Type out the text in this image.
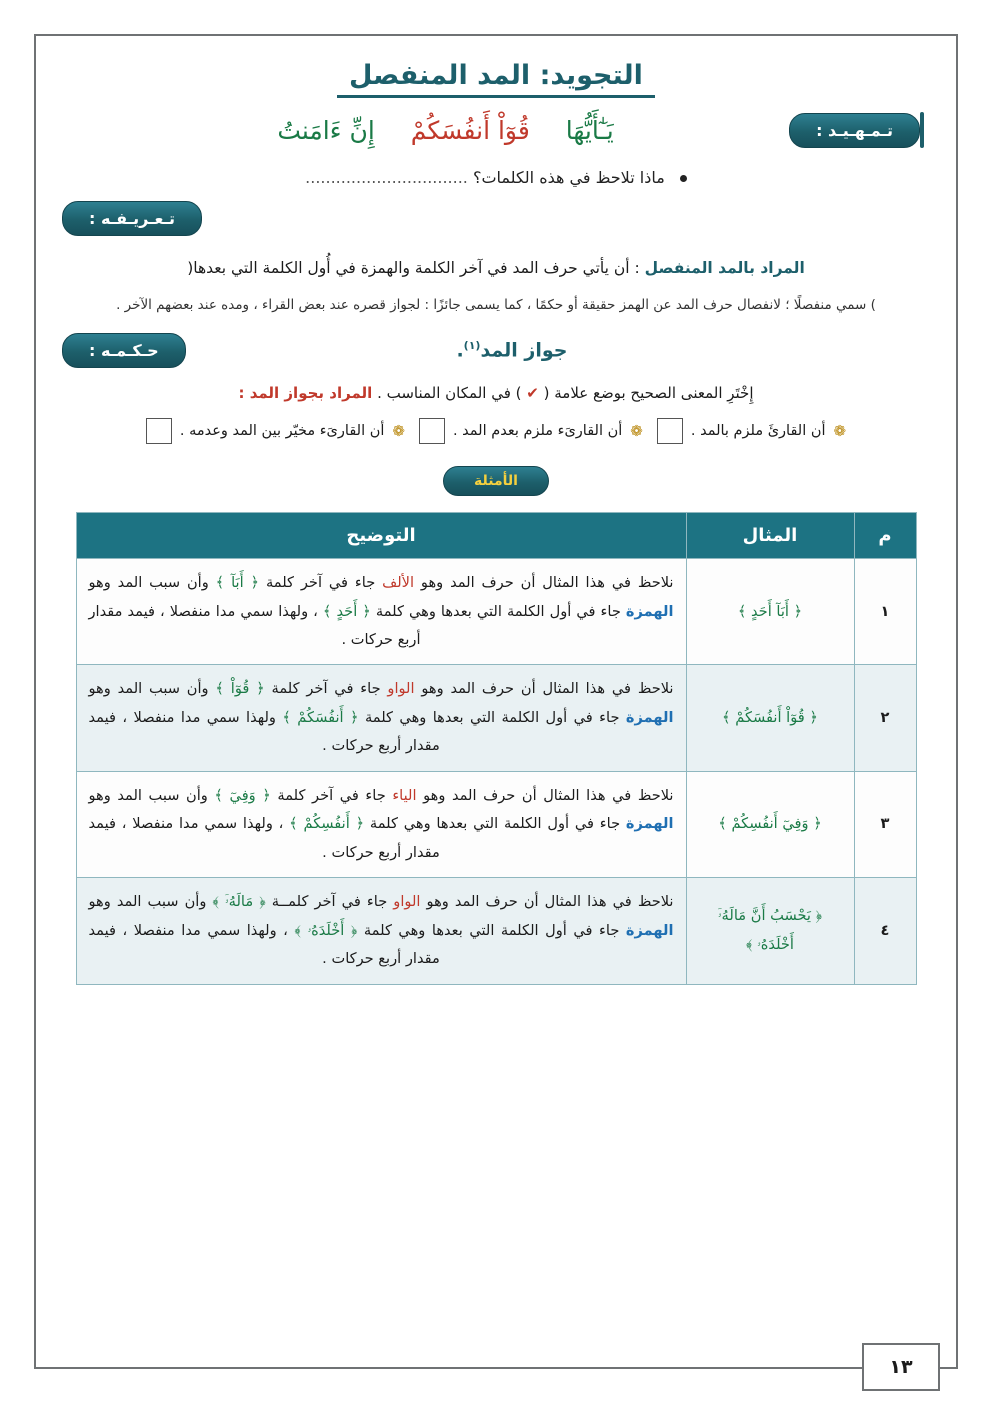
التجويد: المد المنفصل
تـمـهـيـد :
يَـٰٓأَيُّهَا قُوٓاْ أَنفُسَكُمْ إِنِّ ءَامَنتُ
ماذا تلاحظ في هذه الكلمات؟ ................................
تـعـريـفـه :
المراد بالمد المنفصل : أن يأتي حرف المد في آخر الكلمة والهمزة في أُول الكلمة التي بعدها(
) سمي منفصلًا ؛ لانفصال حرف المد عن الهمز حقيقة أو حكمًا ، كما يسمى جائزًا : لجواز قصره عند بعض القراء ، ومده عند بعضهم الآخر .
جواز المد$^{(١)}$.
حـكـمـه :
إِخْتَرِ المعنى الصحيح بوضع علامة ( ✔ ) في المكان المناسب . المراد بجواز المد :
❁
أن القارئَ ملزم بالمد .
❁
أن القارىَء ملزم بعدم المد .
❁
أن القارىَء مخيّر بين المد وعدمه .
الأمثلة
م	المثال	التوضيح
١	﴿ أَبَآ أَحَدٍ ﴾	نلاحظ في هذا المثال أن حرف المد وهو الألف جاء في آخر كلمة ﴿ أَبَآ ﴾ وأن سبب المد وهو الهمزة جاء في أول الكلمة التي بعدها وهي كلمة ﴿ أَحَدٍ ﴾ ، ولهذا سمي مدا منفصلا ، فيمد مقدار أربع حركات .
٢	﴿ قُوٓاْ أَنفُسَكُمْ ﴾	نلاحظ في هذا المثال أن حرف المد وهو الواو جاء في آخر كلمة ﴿ قُوٓاْ ﴾ وأن سبب المد وهو الهمزة جاء في أول الكلمة التي بعدها وهي كلمة ﴿ أَنفُسَكُمْ ﴾ ولهذا سمي مدا منفصلا ، فيمد مقدار أربع حركات .
٣	﴿ وَفِيٓ أَنفُسِكُمْ ﴾	نلاحظ في هذا المثال أن حرف المد وهو الياء جاء في آخر كلمة ﴿ وَفِيٓ ﴾ وأن سبب المد وهو الهمزة جاء في أول الكلمة التي بعدها وهي كلمة ﴿ أَنفُسِكُمْ ﴾ ، ولهذا سمي مدا منفصلا ، فيمد مقدار أربع حركات .
٤	﴿ يَحْسَبُ أَنَّ مَالَهُۥٓ أَخْلَدَهُۥ ﴾	نلاحظ في هذا المثال أن حرف المد وهو الواو جاء في آخر كلمــة ﴿ مَالَهُۥٓ ﴾ وأن سبب المد وهو الهمزة جاء في أول الكلمة التي بعدها وهي كلمة ﴿ أَخْلَدَهُۥ ﴾ ، ولهذا سمي مدا منفصلا ، فيمد مقدار أربع حركات .
١٣
